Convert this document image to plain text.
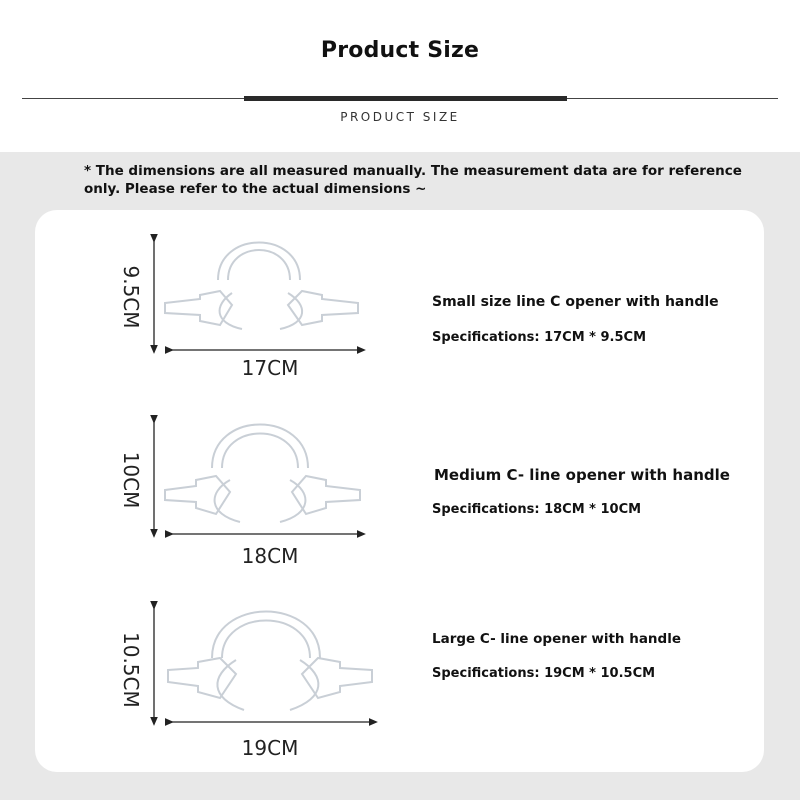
Product Size
PRODUCT SIZE
* The dimensions are all measured manually. The measurement data are for reference only. Please refer to the actual dimensions ~
9.5CM
17CM
Small size line C opener with handle
Specifications: 17CM * 9.5CM
10CM
18CM
Medium C- line opener with handle
Specifications: 18CM * 10CM
10.5CM
19CM
Large C- line opener with handle
Specifications: 19CM * 10.5CM
